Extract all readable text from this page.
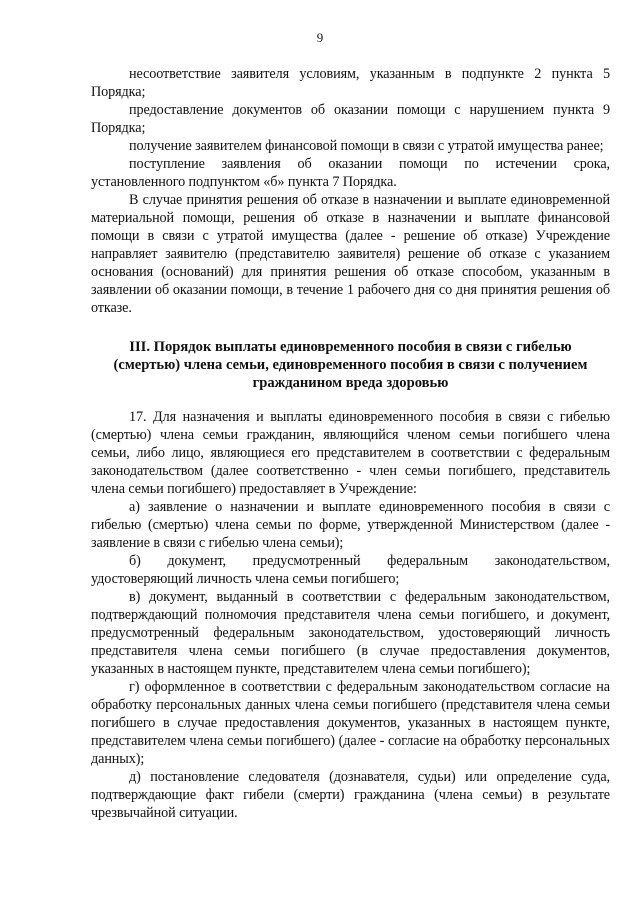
9

несоответствие заявителя условиям, указанным в подпункте 2 пункта 5 Порядка;

предоставление документов об оказании помощи с нарушением пункта 9 Порядка;

получение заявителем финансовой помощи в связи с утратой имущества ранее;

поступление заявления об оказании помощи по истечении срока, установленного подпунктом «б» пункта 7 Порядка.

В случае принятия решения об отказе в назначении и выплате единовременной материальной помощи, решения об отказе в назначении и выплате финансовой помощи в связи с утратой имущества (далее - решение об отказе) Учреждение направляет заявителю (представителю заявителя) решение об отказе с указанием основания (оснований) для принятия решения об отказе способом, указанным в заявлении об оказании помощи, в течение 1 рабочего дня со дня принятия решения об отказе.

III. Порядок выплаты единовременного пособия в связи с гибелью
(смертью) члена семьи, единовременного пособия в связи с получением
гражданином вреда здоровью

17. Для назначения и выплаты единовременного пособия в связи с гибелью (смертью) члена семьи гражданин, являющийся членом семьи погибшего члена семьи, либо лицо, являющиеся его представителем в соответствии с федеральным законодательством (далее соответственно - член семьи погибшего, представитель члена семьи погибшего) предоставляет в Учреждение:

а) заявление о назначении и выплате единовременного пособия в связи с гибелью (смертью) члена семьи по форме, утвержденной Министерством (далее - заявление в связи с гибелью члена семьи);

б) документ, предусмотренный федеральным законодательством, удостоверяющий личность члена семьи погибшего;

в) документ, выданный в соответствии с федеральным законодательством, подтверждающий полномочия представителя члена семьи погибшего, и документ, предусмотренный федеральным законодательством, удостоверяющий личность представителя члена семьи погибшего (в случае предоставления документов, указанных в настоящем пункте, представителем члена семьи погибшего);

г) оформленное в соответствии с федеральным законодательством согласие на обработку персональных данных члена семьи погибшего (представителя члена семьи погибшего в случае предоставления документов, указанных в настоящем пункте, представителем члена семьи погибшего) (далее - согласие на обработку персональных данных);

д) постановление следователя (дознавателя, судьи) или определение суда, подтверждающие факт гибели (смерти) гражданина (члена семьи) в результате чрезвычайной ситуации.
